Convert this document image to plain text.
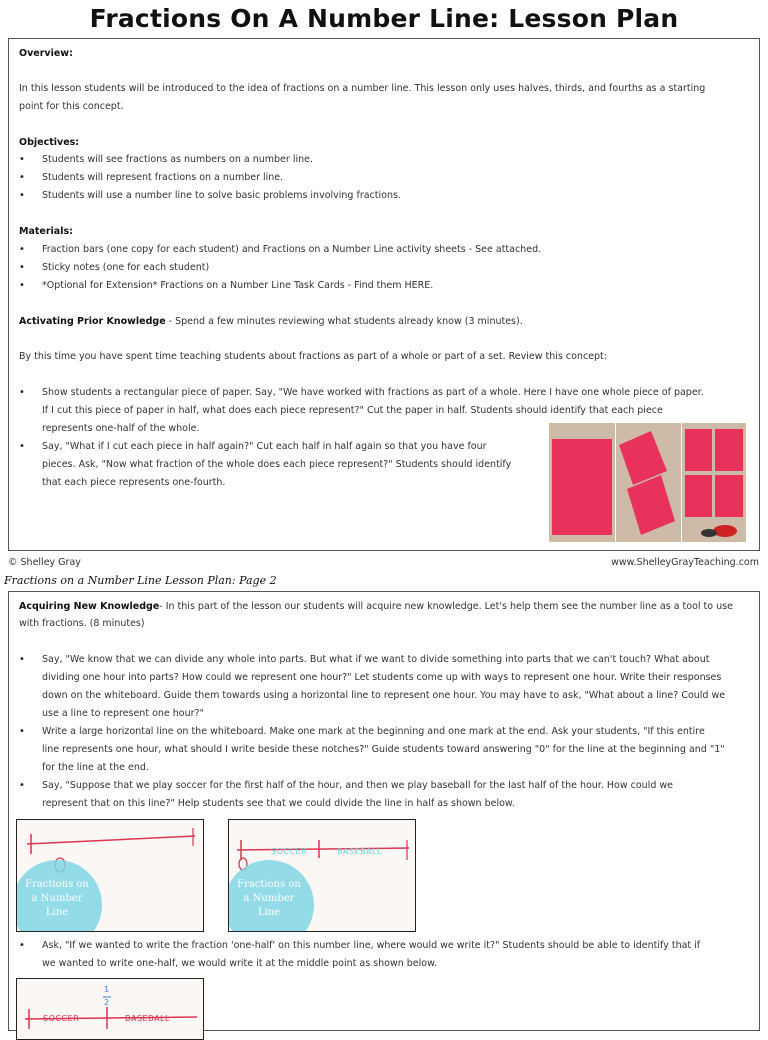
Fractions On A Number Line: Lesson Plan
Overview:
In this lesson students will be introduced to the idea of fractions on a number line. This lesson only uses halves, thirds, and fourths as a starting
point for this concept.
Objectives:
• Students will see fractions as numbers on a number line.
• Students will represent fractions on a number line.
• Students will use a number line to solve basic problems involving fractions.
Materials:
• Fraction bars (one copy for each student) and Fractions on a Number Line activity sheets - See attached.
• Sticky notes (one for each student)
• *Optional for Extension* Fractions on a Number Line Task Cards - Find them HERE.
Activating Prior Knowledge - Spend a few minutes reviewing what students already know (3 minutes).
By this time you have spent time teaching students about fractions as part of a whole or part of a set. Review this concept:
• Show students a rectangular piece of paper. Say, "We have worked with fractions as part of a whole. Here I have one whole piece of paper.
If I cut this piece of paper in half, what does each piece represent?" Cut the paper in half. Students should identify that each piece
represents one-half of the whole.
• Say, "What if I cut each piece in half again?" Cut each half in half again so that you have four
pieces. Ask, "Now what fraction of the whole does each piece represent?" Students should identify
that each piece represents one-fourth.
© Shelley Gray	www.ShelleyGrayTeaching.com
Fractions on a Number Line Lesson Plan: Page 2
Acquiring New Knowledge- In this part of the lesson our students will acquire new knowledge. Let's help them see the number line as a tool to use
with fractions. (8 minutes)
• Say, "We know that we can divide any whole into parts. But what if we want to divide something into parts that we can't touch? What about
dividing one hour into parts? How could we represent one hour?" Let students come up with ways to represent one hour. Write their responses
down on the whiteboard. Guide them towards using a horizontal line to represent one hour. You may have to ask, "What about a line? Could we
use a line to represent one hour?"
• Write a large horizontal line on the whiteboard. Make one mark at the beginning and one mark at the end. Ask your students, "If this entire
line represents one hour, what should I write beside these notches?" Guide students toward answering "0" for the line at the beginning and "1"
for the line at the end.
• Say, "Suppose that we play soccer for the first half of the hour, and then we play baseball for the last half of the hour. How could we
represent that on this line?" Help students see that we could divide the line in half as shown below.
Fractions on
a Number
Line
SOCCER	BASEBALL
Fractions on
a Number
Line
• Ask, "If we wanted to write the fraction 'one-half' on this number line, where would we write it?" Students should be able to identify that if
we wanted to write one-half, we would write it at the middle point as shown below.
1
2
SOCCER	BASEBALL
